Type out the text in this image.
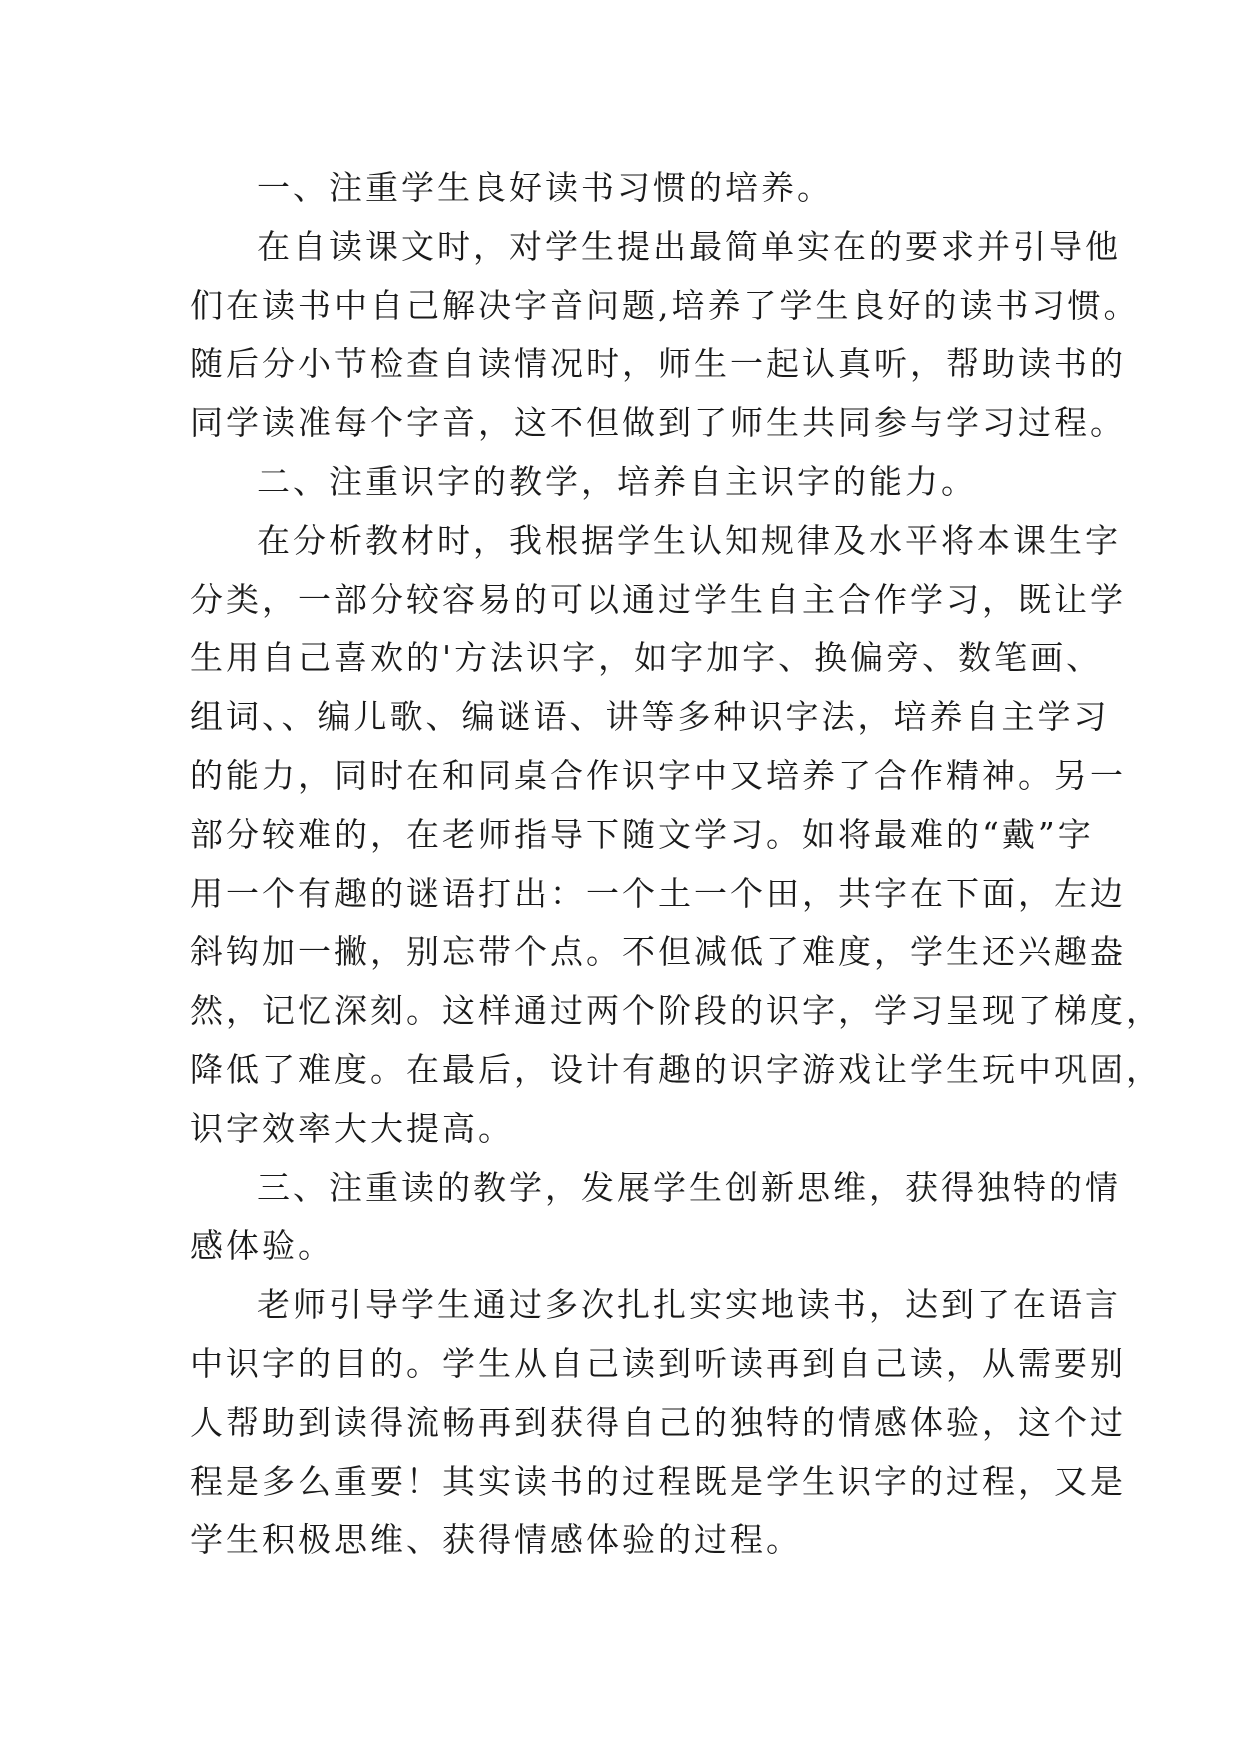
一、注重学生良好读书习惯的培养。
在自读课文时，对学生提出最简单实在的要求并引导他
们在读书中自己解决字音问题,培养了学生良好的读书习惯。
随后分小节检查自读情况时，师生一起认真听，帮助读书的
同学读准每个字音，这不但做到了师生共同参与学习过程。
二、注重识字的教学，培养自主识字的能力。
在分析教材时，我根据学生认知规律及水平将本课生字
分类，一部分较容易的可以通过学生自主合作学习，既让学
生用自己喜欢的'方法识字，如字加字、换偏旁、数笔画、
组词、、编儿歌、编谜语、讲等多种识字法，培养自主学习
的能力，同时在和同桌合作识字中又培养了合作精神。另一
部分较难的，在老师指导下随文学习。如将最难的“戴”字
用一个有趣的谜语打出：一个土一个田，共字在下面，左边
斜钩加一撇，别忘带个点。不但减低了难度，学生还兴趣盎
然，记忆深刻。这样通过两个阶段的识字，学习呈现了梯度，
降低了难度。在最后，设计有趣的识字游戏让学生玩中巩固，
识字效率大大提高。
三、注重读的教学，发展学生创新思维，获得独特的情
感体验。
老师引导学生通过多次扎扎实实地读书，达到了在语言
中识字的目的。学生从自己读到听读再到自己读，从需要别
人帮助到读得流畅再到获得自己的独特的情感体验，这个过
程是多么重要！其实读书的过程既是学生识字的过程，又是
学生积极思维、获得情感体验的过程。
